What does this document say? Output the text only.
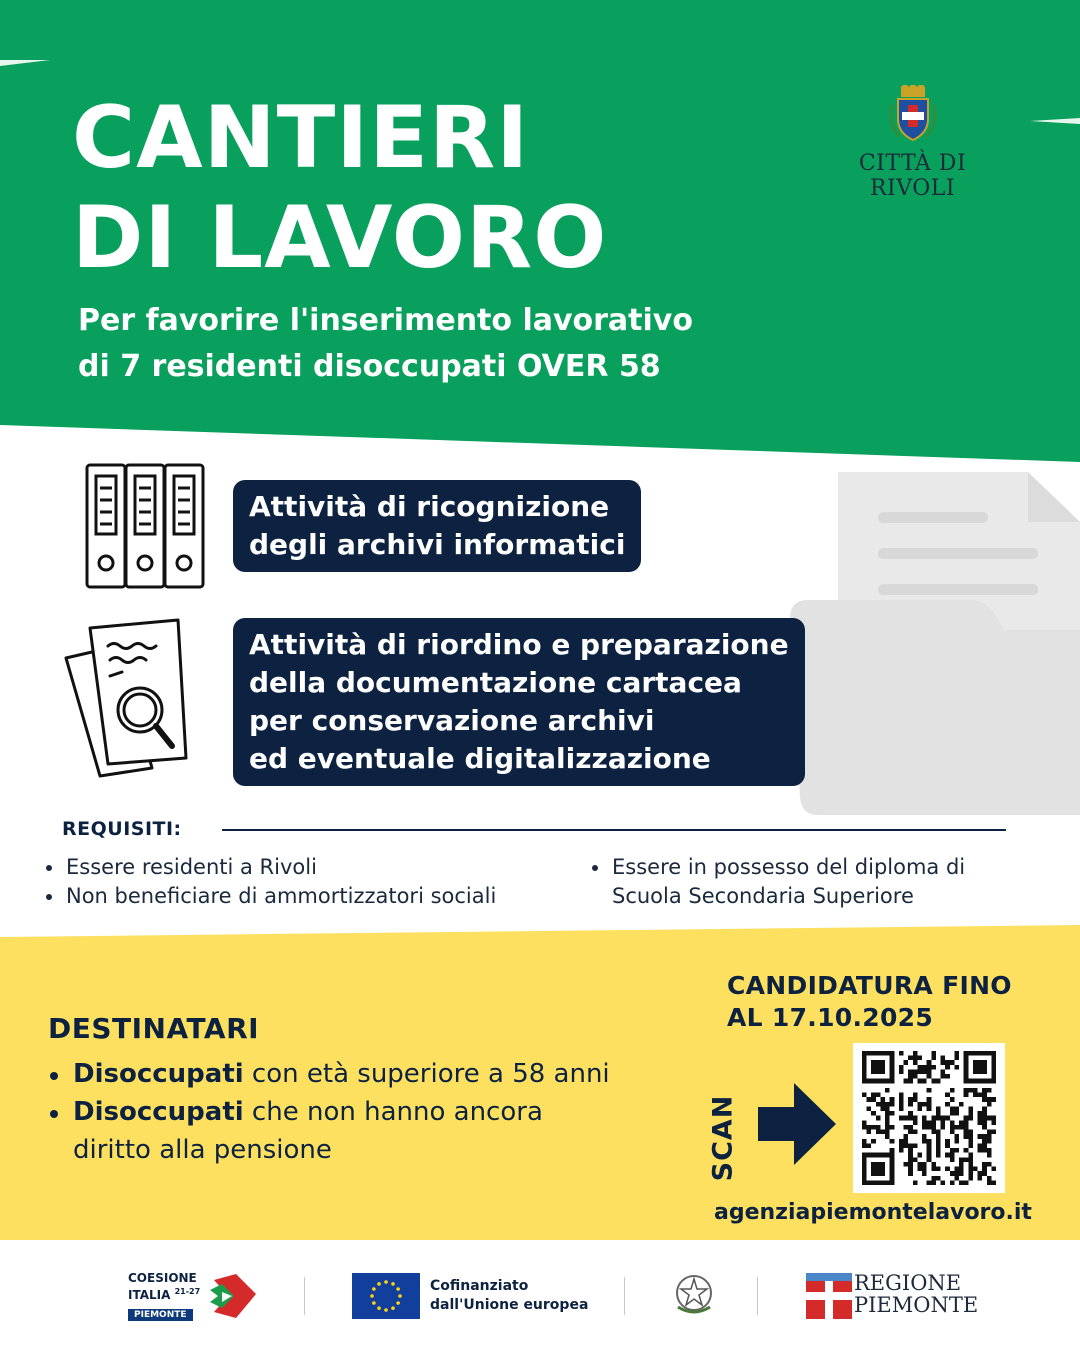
CANTIERI
DI LAVORO
Per favorire l'inserimento lavorativo
di 7 residenti disoccupati OVER 58
CITTÀ DI RIVOLI
Attività di ricognizione
degli archivi informatici
Attività di riordino e preparazione
della documentazione cartacea
per conservazione archivi
ed eventuale digitalizzazione
REQUISITI:
Essere residenti a Rivoli
Non beneficiare di ammortizzatori sociali
Essere in possesso del diploma di
Scuola Secondaria Superiore
DESTINATARI
Disoccupati con età superiore a 58 anni
Disoccupati che non hanno ancora diritto alla pensione
CANDIDATURA FINO
AL 17.10.2025
SCAN
agenziapiemontelavoro.it
COESIONE
ITALIA $^{21-27}$
PIEMONTE
Cofinanziato
dall'Unione europea
REGIONE
PIEMONTE
